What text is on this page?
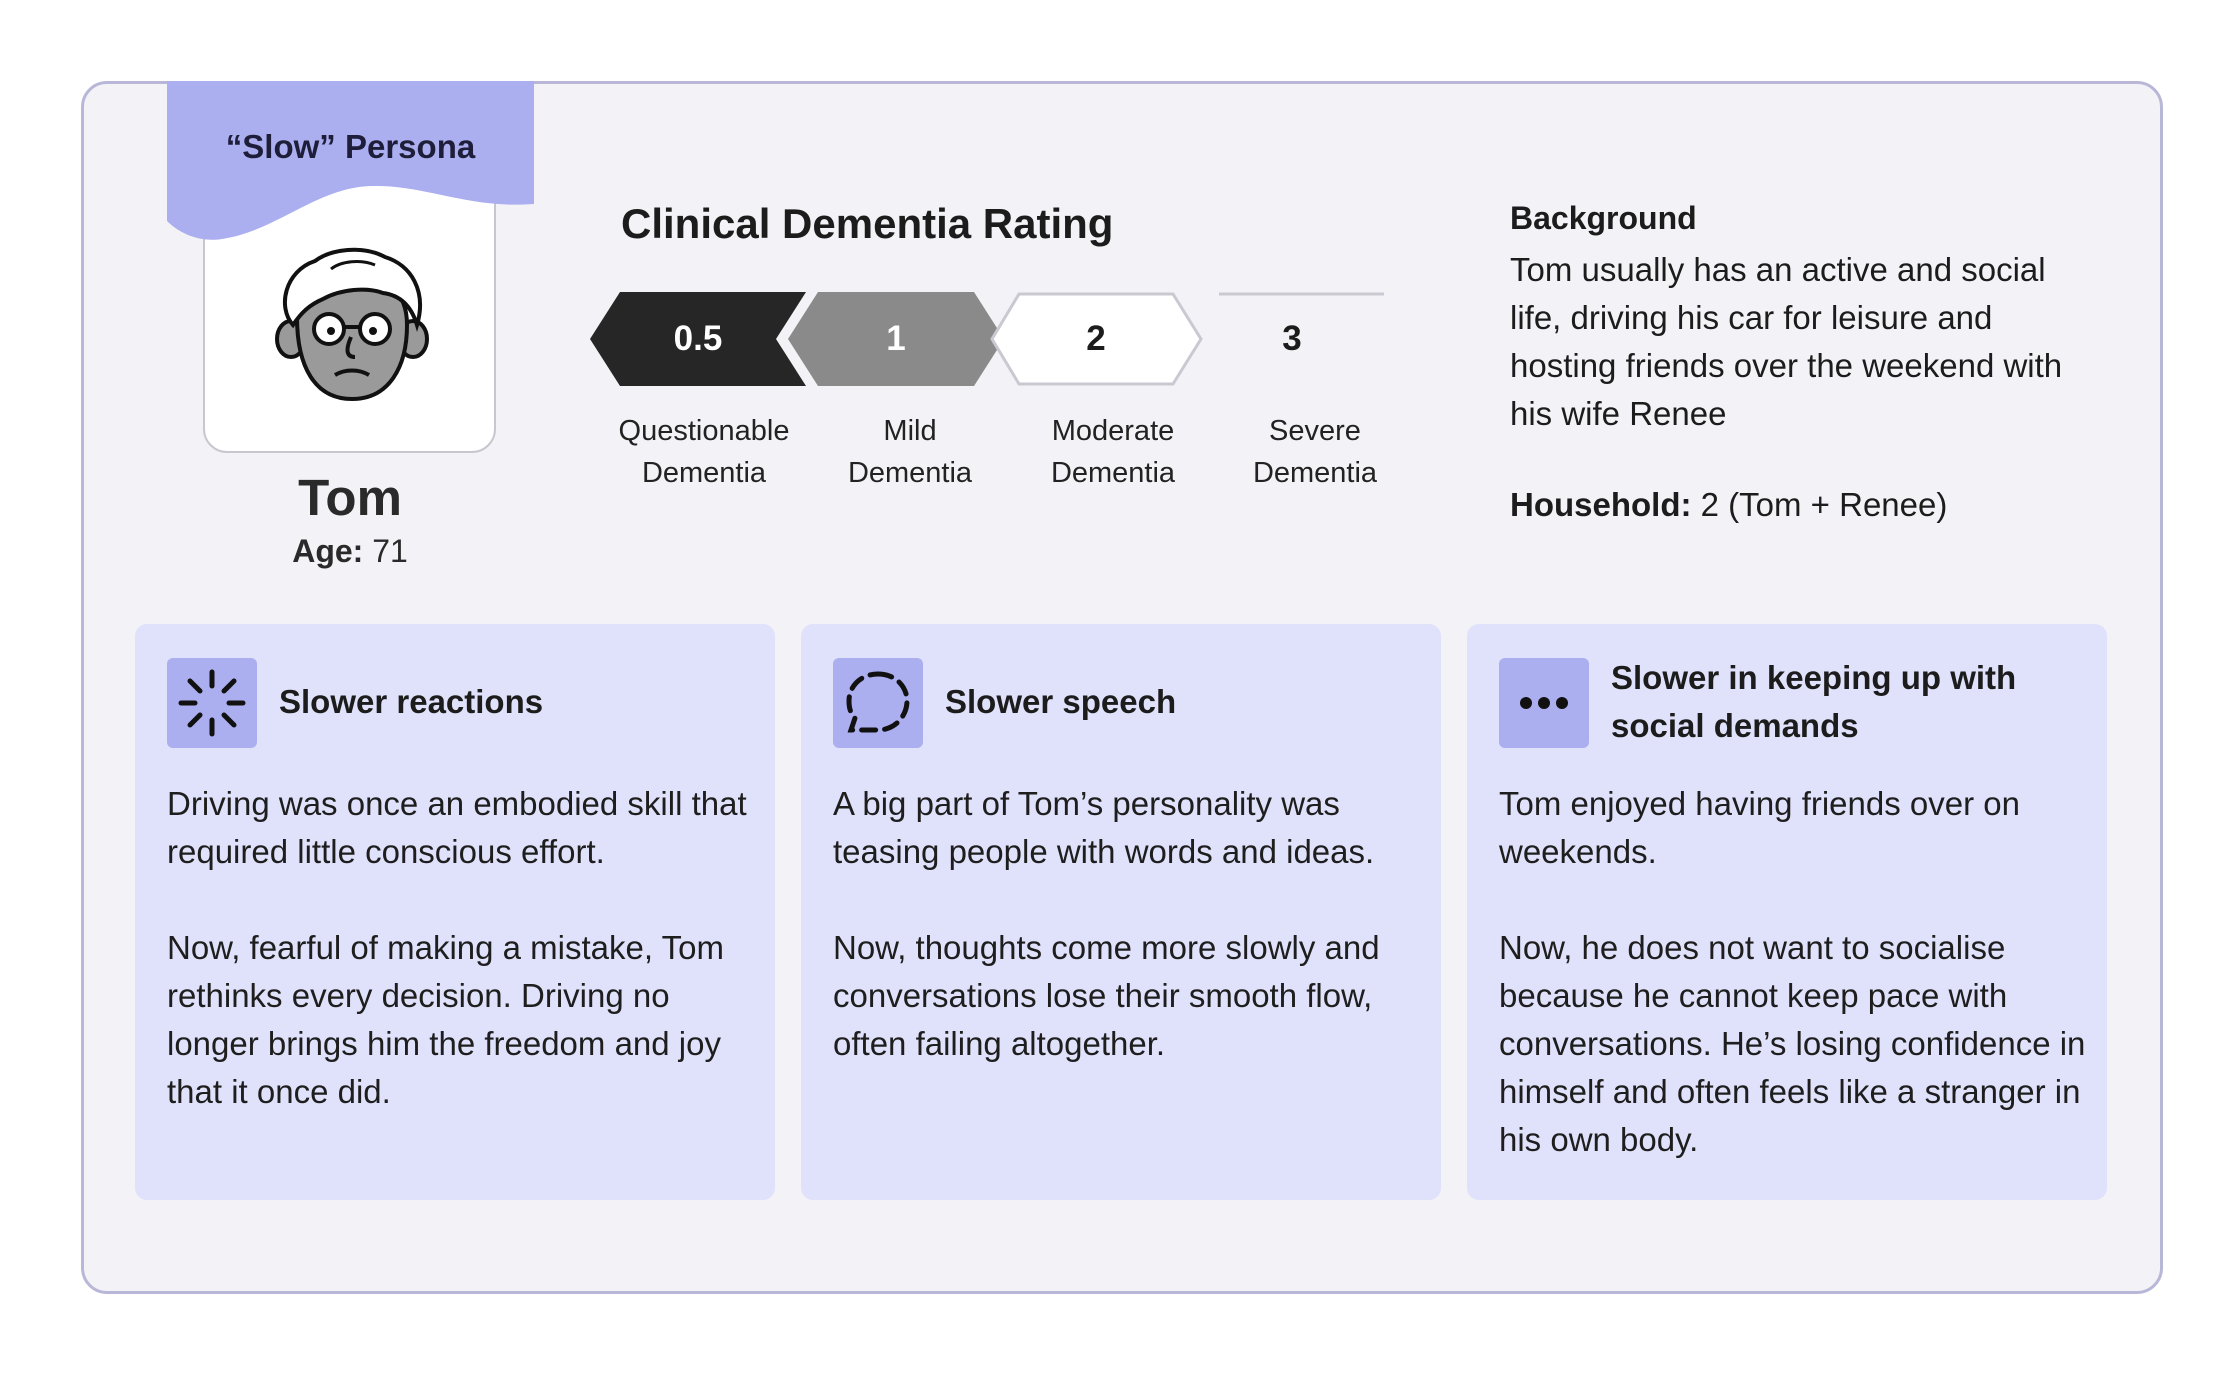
“Slow” Persona
Tom
Age: 71
Clinical Dementia Rating
0.5	1	2	3
Questionable
Dementia
Mild
Dementia
Moderate
Dementia
Severe
Dementia
Background
Tom usually has an active and social life, driving his car for leisure and hosting friends over the weekend with his wife Renee
Household: 2 (Tom + Renee)
Slower reactions
Driving was once an embodied skill that required little conscious effort.
Now, fearful of making a mistake, Tom rethinks every decision. Driving no longer brings him the freedom and joy that it once did.
Slower speech
A big part of Tom’s personality was teasing people with words and ideas.
Now, thoughts come more slowly and conversations lose their smooth flow, often failing altogether.
Slower in keeping up with social demands
Tom enjoyed having friends over on weekends.
Now, he does not want to socialise because he cannot keep pace with conversations. He’s losing confidence in himself and often feels like a stranger in his own body.
